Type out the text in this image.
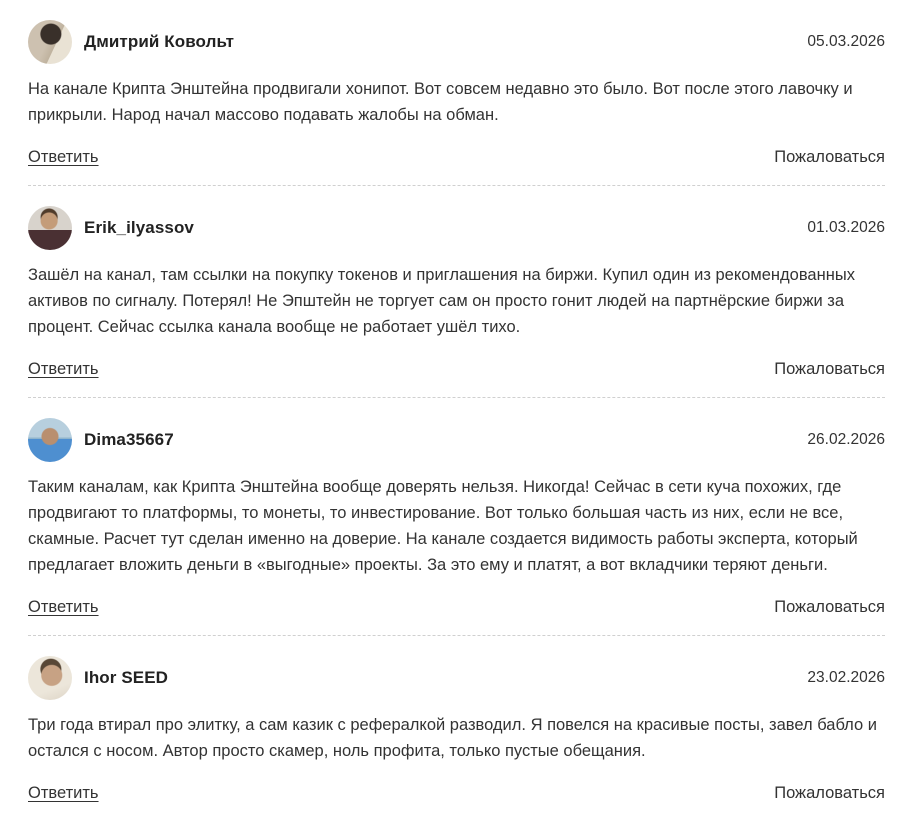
Дмитрий Ковольт	05.03.2026

На канале Крипта Энштейна продвигали хонипот. Вот совсем недавно это было. Вот после этого лавочку и прикрыли. Народ начал массово подавать жалобы на обман.

Ответить	Пожаловаться
Erik_ilyassov	01.03.2026

Зашёл на канал, там ссылки на покупку токенов и приглашения на биржи. Купил один из рекомендованных активов по сигналу. Потерял! Не Эпштейн не торгует сам он просто гонит людей на партнёрские биржи за процент. Сейчас ссылка канала вообще не работает ушёл тихо.

Ответить	Пожаловаться
Dima35667	26.02.2026

Таким каналам, как Крипта Энштейна вообще доверять нельзя. Никогда! Сейчас в сети куча похожих, где продвигают то платформы, то монеты, то инвестирование. Вот только большая часть из них, если не все, скамные. Расчет тут сделан именно на доверие. На канале создается видимость работы эксперта, который предлагает вложить деньги в «выгодные» проекты. За это ему и платят, а вот вкладчики теряют деньги.

Ответить	Пожаловаться
Ihor SEED	23.02.2026

Три года втирал про элитку, а сам казик с рефералкой разводил. Я повелся на красивые посты, завел бабло и остался с носом. Автор просто скамер, ноль профита, только пустые обещания.

Ответить	Пожаловаться
